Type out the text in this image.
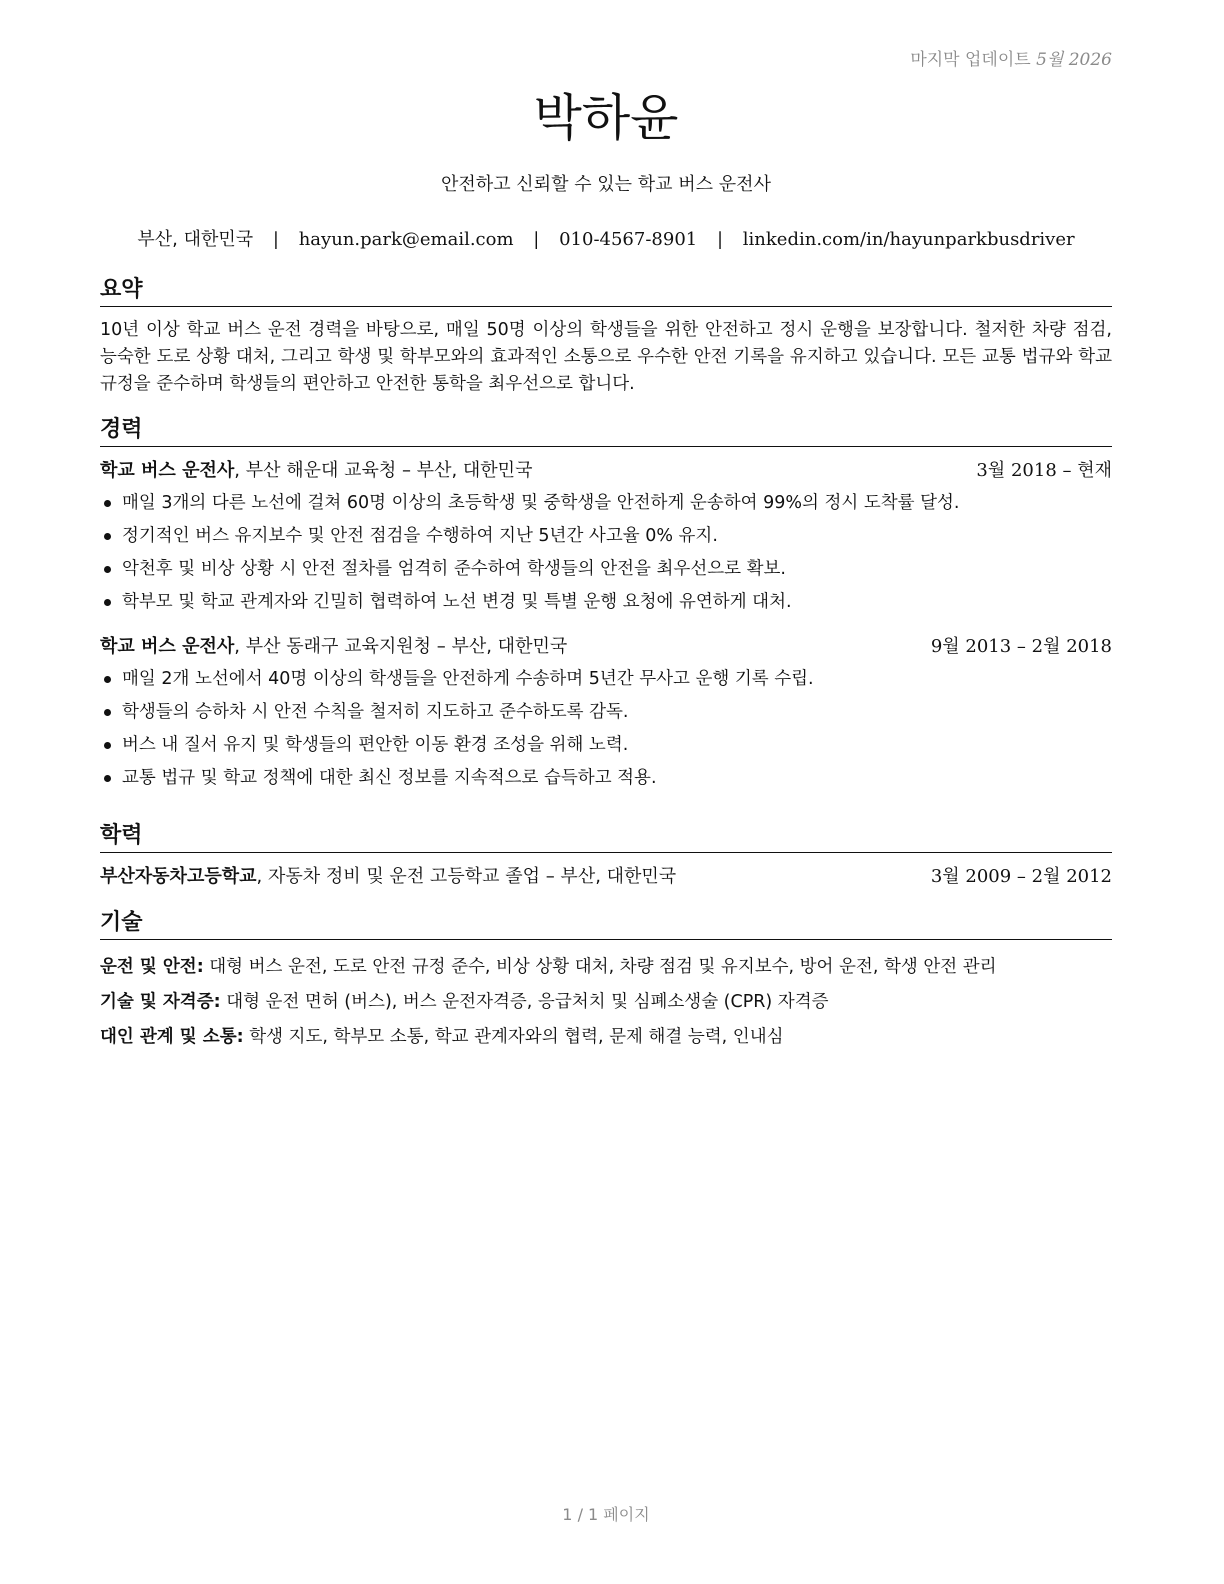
마지막 업데이트 5월 2026
박하윤
안전하고 신뢰할 수 있는 학교 버스 운전사
부산, 대한민국 | hayun.park@email.com | 010-4567-8901 | linkedin.com/in/hayunparkbusdriver
요약

10년 이상 학교 버스 운전 경력을 바탕으로, 매일 50명 이상의 학생들을 위한 안전하고 정시 운행을 보장합니다. 철저한 차량 점검, 능숙한 도로 상황 대처, 그리고 학생 및 학부모와의 효과적인 소통으로 우수한 안전 기록을 유지하고 있습니다. 모든 교통 법규와 학교 규정을 준수하며 학생들의 편안하고 안전한 통학을 최우선으로 합니다.

경력
학교 버스 운전사, 부산 해운대 교육청 – 부산, 대한민국	3월 2018 – 현재
매일 3개의 다른 노선에 걸쳐 60명 이상의 초등학생 및 중학생을 안전하게 운송하여 99%의 정시 도착률 달성.
정기적인 버스 유지보수 및 안전 점검을 수행하여 지난 5년간 사고율 0% 유지.
악천후 및 비상 상황 시 안전 절차를 엄격히 준수하여 학생들의 안전을 최우선으로 확보.
학부모 및 학교 관계자와 긴밀히 협력하여 노선 변경 및 특별 운행 요청에 유연하게 대처.
학교 버스 운전사, 부산 동래구 교육지원청 – 부산, 대한민국	9월 2013 – 2월 2018
매일 2개 노선에서 40명 이상의 학생들을 안전하게 수송하며 5년간 무사고 운행 기록 수립.
학생들의 승하차 시 안전 수칙을 철저히 지도하고 준수하도록 감독.
버스 내 질서 유지 및 학생들의 편안한 이동 환경 조성을 위해 노력.
교통 법규 및 학교 정책에 대한 최신 정보를 지속적으로 습득하고 적용.
학력
부산자동차고등학교, 자동차 정비 및 운전 고등학교 졸업 – 부산, 대한민국	3월 2009 – 2월 2012
기술
운전 및 안전: 대형 버스 운전, 도로 안전 규정 준수, 비상 상황 대처, 차량 점검 및 유지보수, 방어 운전, 학생 안전 관리
기술 및 자격증: 대형 운전 면허 (버스), 버스 운전자격증, 응급처치 및 심폐소생술 (CPR) 자격증
대인 관계 및 소통: 학생 지도, 학부모 소통, 학교 관계자와의 협력, 문제 해결 능력, 인내심
1 / 1 페이지
